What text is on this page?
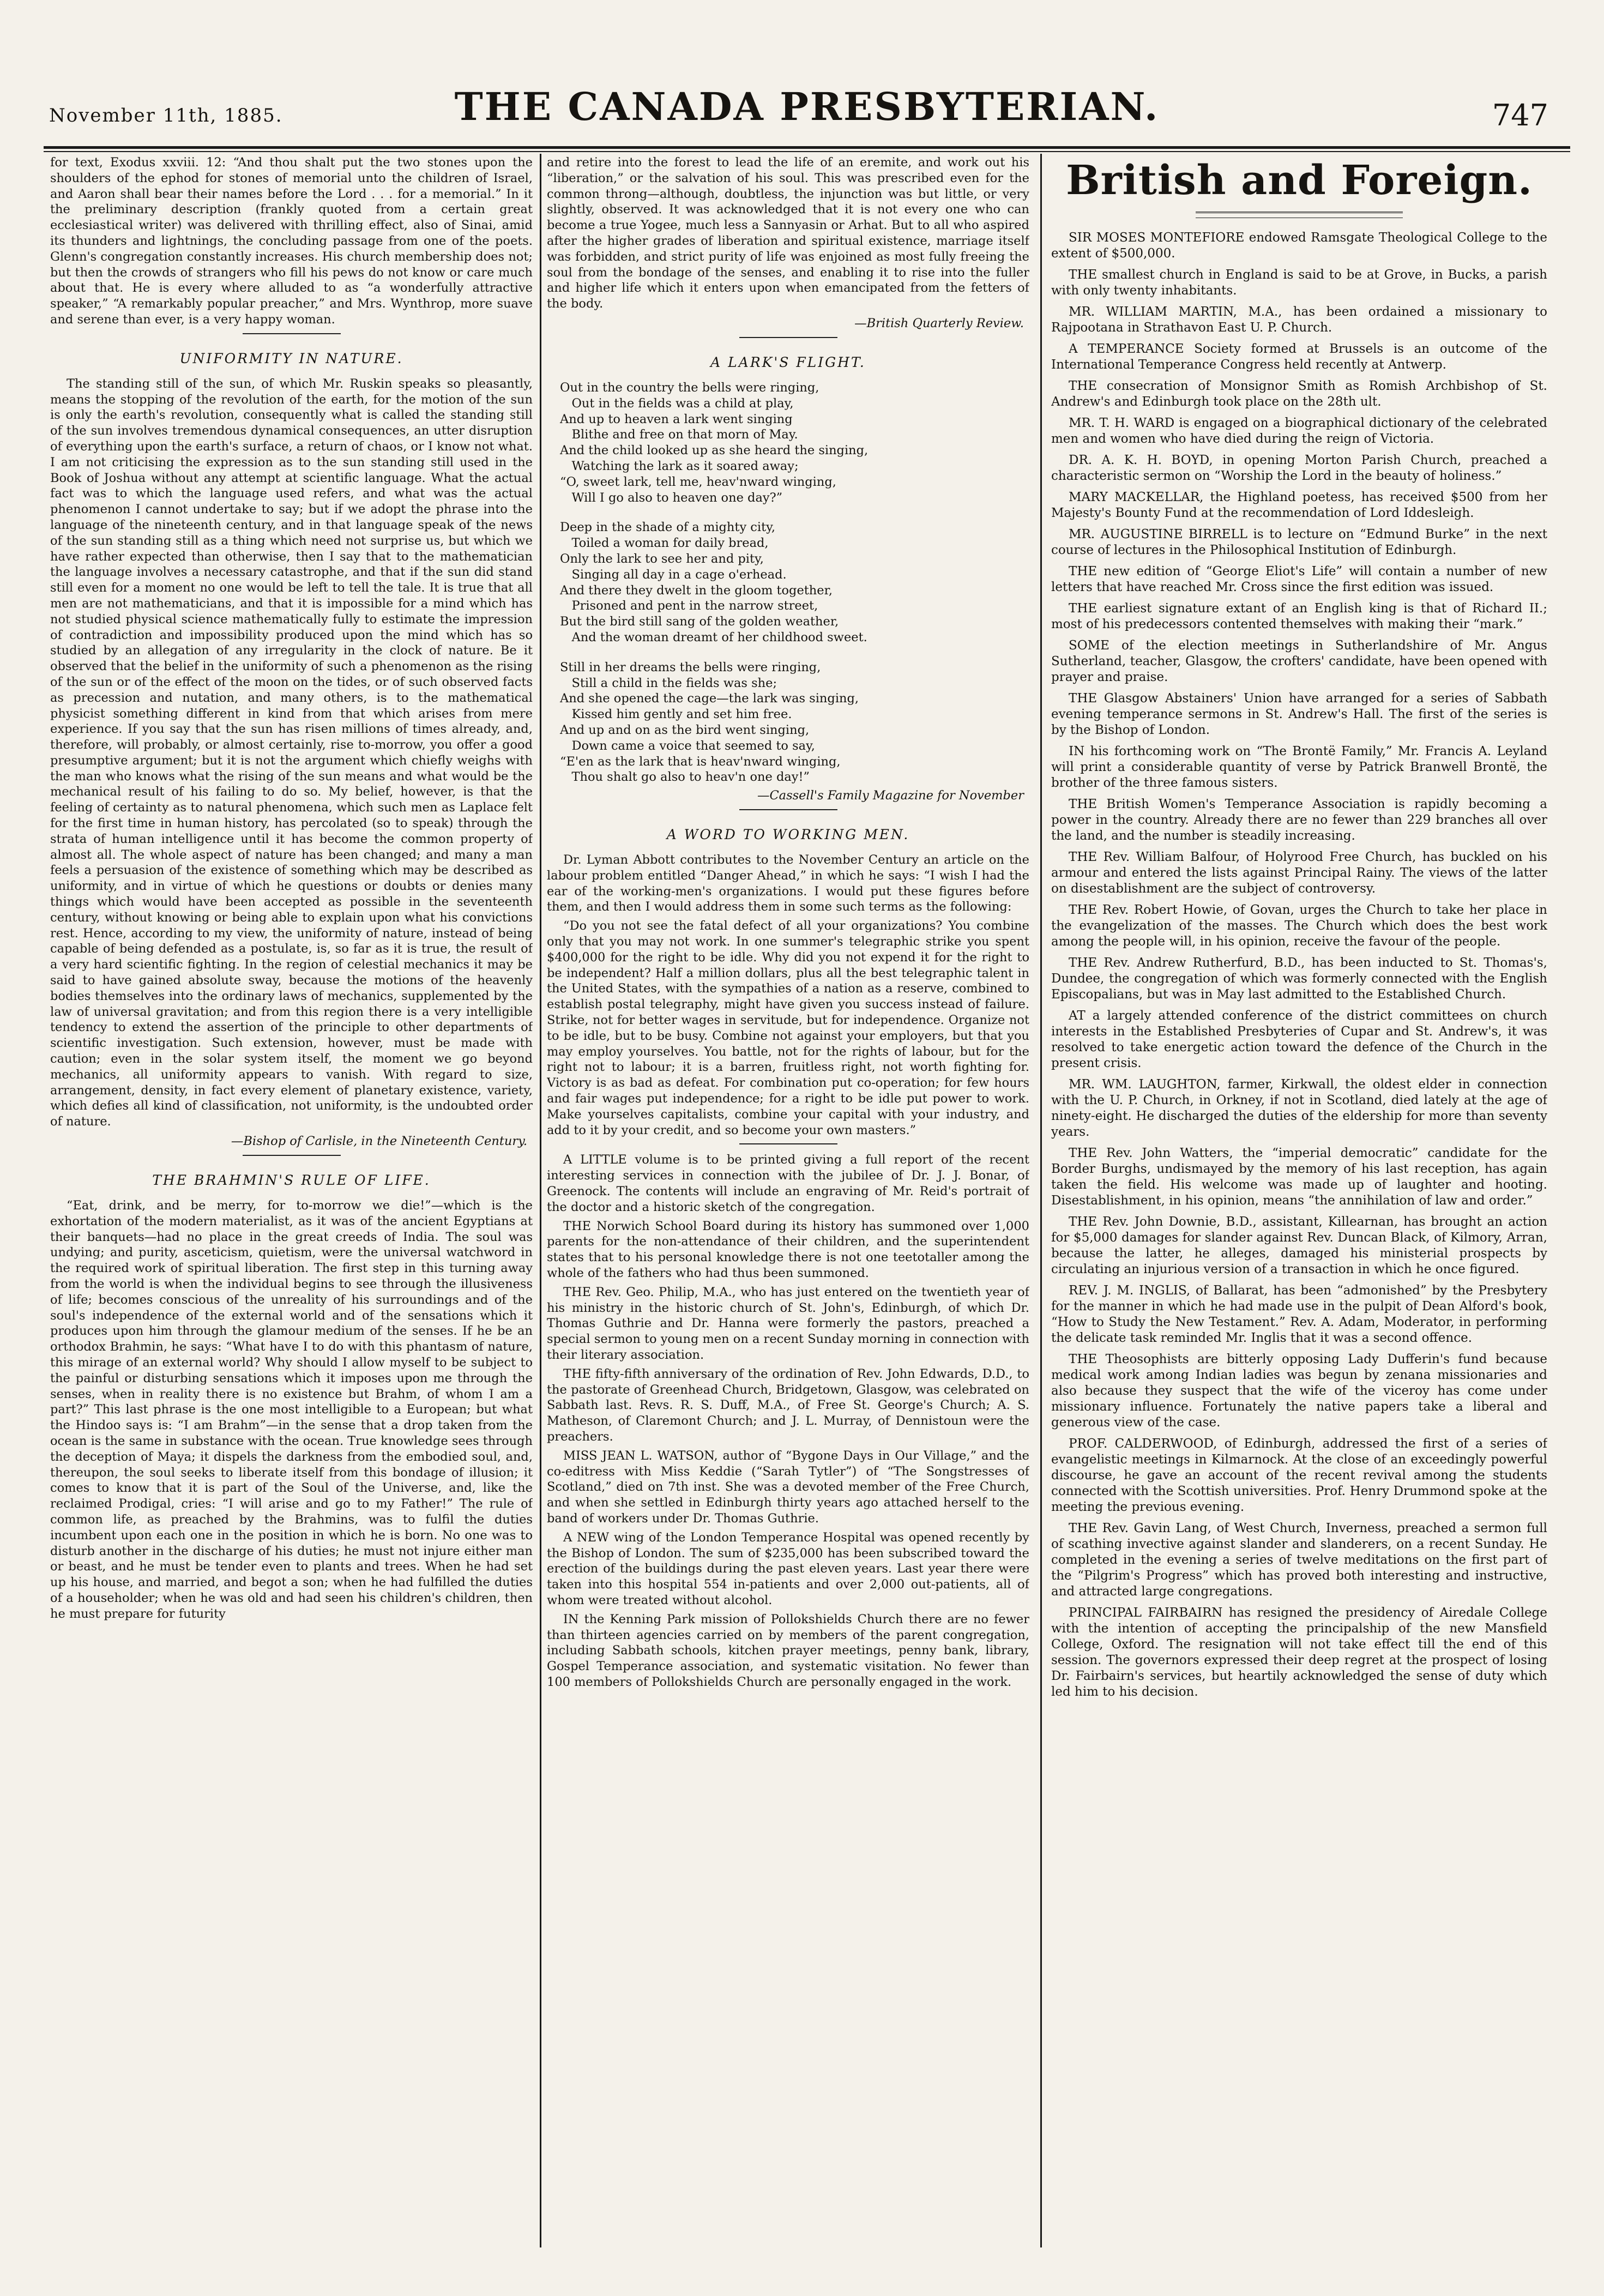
November 11th, 1885.	THE CANADA PRESBYTERIAN.	747

for text, Exodus xxviii. 12: “And thou shalt put the two stones upon the shoulders of the ephod for stones of memorial unto the children of Israel, and Aaron shall bear their names before the Lord . . . for a memorial.” In it the preliminary description (frankly quoted from a certain great ecclesiastical writer) was delivered with thrilling effect, also of Sinai, amid its thunders and lightnings, the concluding passage from one of the poets. Glenn's congregation constantly increases. His church membership does not; but then the crowds of strangers who fill his pews do not know or care much about that. He is every where alluded to as “a wonderfully attractive speaker,” “A remarkably popular preacher,” and Mrs. Wynthrop, more suave and serene than ever, is a very happy woman.

UNIFORMITY IN NATURE.

The standing still of the sun, of which Mr. Ruskin speaks so pleasantly, means the stopping of the revolution of the earth, for the motion of the sun is only the earth's revolution, consequently what is called the standing still of the sun involves tremendous dynamical consequences, an utter disruption of everything upon the earth's surface, a return of chaos, or I know not what. I am not criticising the expression as to the sun standing still used in the Book of Joshua without any attempt at scientific language. What the actual fact was to which the language used refers, and what was the actual phenomenon I cannot undertake to say; but if we adopt the phrase into the language of the nineteenth century, and in that language speak of the news of the sun standing still as a thing which need not surprise us, but which we have rather expected than otherwise, then I say that to the mathematician the language involves a necessary catastrophe, and that if the sun did stand still even for a moment no one would be left to tell the tale. It is true that all men are not mathematicians, and that it is impossible for a mind which has not studied physical science mathematically fully to estimate the impression of contradiction and impossibility produced upon the mind which has so studied by an allegation of any irregularity in the clock of nature. Be it observed that the belief in the uniformity of such a phenomenon as the rising of the sun or of the effect of the moon on the tides, or of such observed facts as precession and nutation, and many others, is to the mathematical physicist something different in kind from that which arises from mere experience. If you say that the sun has risen millions of times already, and, therefore, will probably, or almost certainly, rise to-morrow, you offer a good presumptive argument; but it is not the argument which chiefly weighs with the man who knows what the rising of the sun means and what would be the mechanical result of his failing to do so. My belief, however, is that the feeling of certainty as to natural phenomena, which such men as Laplace felt for the first time in human history, has percolated (so to speak) through the strata of human intelligence until it has become the common property of almost all. The whole aspect of nature has been changed; and many a man feels a persuasion of the existence of something which may be described as uniformity, and in virtue of which he questions or doubts or denies many things which would have been accepted as possible in the seventeenth century, without knowing or being able to explain upon what his convictions rest. Hence, according to my view, the uniformity of nature, instead of being capable of being defended as a postulate, is, so far as it is true, the result of a very hard scientific fighting. In the region of celestial mechanics it may be said to have gained absolute sway, because the motions of the heavenly bodies themselves into the ordinary laws of mechanics, supplemented by the law of universal gravitation; and from this region there is a very intelligible tendency to extend the assertion of the principle to other departments of scientific investigation. Such extension, however, must be made with caution; even in the solar system itself, the moment we go beyond mechanics, all uniformity appears to vanish. With regard to size, arrangement, density, in fact every element of planetary existence, variety, which defies all kind of classification, not uniformity, is the undoubted order of nature.

—Bishop of Carlisle, in the Nineteenth Century.
THE BRAHMIN'S RULE OF LIFE.

“Eat, drink, and be merry, for to-morrow we die!”—which is the exhortation of the modern materialist, as it was of the ancient Egyptians at their banquets—had no place in the great creeds of India. The soul was undying; and purity, asceticism, quietism, were the universal watchword in the required work of spiritual liberation. The first step in this turning away from the world is when the individual begins to see through the illusiveness of life; becomes conscious of the unreality of his surroundings and of the soul's independence of the external world and of the sensations which it produces upon him through the glamour medium of the senses. If he be an orthodox Brahmin, he says: “What have I to do with this phantasm of nature, this mirage of an external world? Why should I allow myself to be subject to the painful or disturbing sensations which it imposes upon me through the senses, when in reality there is no existence but Brahm, of whom I am a part?” This last phrase is the one most intelligible to a European; but what the Hindoo says is: “I am Brahm”—in the sense that a drop taken from the ocean is the same in substance with the ocean. True knowledge sees through the deception of Maya; it dispels the darkness from the embodied soul, and, thereupon, the soul seeks to liberate itself from this bondage of illusion; it comes to know that it is part of the Soul of the Universe, and, like the reclaimed Prodigal, cries: “I will arise and go to my Father!” The rule of common life, as preached by the Brahmins, was to fulfil the duties incumbent upon each one in the position in which he is born. No one was to disturb another in the discharge of his duties; he must not injure either man or beast, and he must be tender even to plants and trees. When he had set up his house, and married, and begot a son; when he had fulfilled the duties of a householder; when he was old and had seen his children's children, then he must prepare for futurity

and retire into the forest to lead the life of an eremite, and work out his “liberation,” or the salvation of his soul. This was prescribed even for the common throng—although, doubtless, the injunction was but little, or very slightly, observed. It was acknowledged that it is not every one who can become a true Yogee, much less a Sannyasin or Arhat. But to all who aspired after the higher grades of liberation and spiritual existence, marriage itself was forbidden, and strict purity of life was enjoined as most fully freeing the soul from the bondage of the senses, and enabling it to rise into the fuller and higher life which it enters upon when emancipated from the fetters of the body.

—British Quarterly Review.
A LARK'S FLIGHT.
Out in the country the bells were ringing,
Out in the fields was a child at play,
And up to heaven a lark went singing
Blithe and free on that morn of May.
And the child looked up as she heard the singing,
Watching the lark as it soared away;
“O, sweet lark, tell me, heav'nward winging,
Will I go also to heaven one day?”
Deep in the shade of a mighty city,
Toiled a woman for daily bread,
Only the lark to see her and pity,
Singing all day in a cage o'erhead.
And there they dwelt in the gloom together,
Prisoned and pent in the narrow street,
But the bird still sang of the golden weather,
And the woman dreamt of her childhood sweet.
Still in her dreams the bells were ringing,
Still a child in the fields was she;
And she opened the cage—the lark was singing,
Kissed him gently and set him free.
And up and on as the bird went singing,
Down came a voice that seemed to say,
“E'en as the lark that is heav'nward winging,
Thou shalt go also to heav'n one day!”
—Cassell's Family Magazine for November
A WORD TO WORKING MEN.

Dr. Lyman Abbott contributes to the November Century an article on the labour problem entitled “Danger Ahead,” in which he says: “I wish I had the ear of the working-men's organizations. I would put these figures before them, and then I would address them in some such terms as the following:

“Do you not see the fatal defect of all your organizations? You combine only that you may not work. In one summer's telegraphic strike you spent $400,000 for the right to be idle. Why did you not expend it for the right to be independent? Half a million dollars, plus all the best telegraphic talent in the United States, with the sympathies of a nation as a reserve, combined to establish postal telegraphy, might have given you success instead of failure. Strike, not for better wages in servitude, but for independence. Organize not to be idle, but to be busy. Combine not against your employers, but that you may employ yourselves. You battle, not for the rights of labour, but for the right not to labour; it is a barren, fruitless right, not worth fighting for. Victory is as bad as defeat. For combination put co-operation; for few hours and fair wages put independence; for a right to be idle put power to work. Make yourselves capitalists, combine your capital with your industry, and add to it by your credit, and so become your own masters.”

A LITTLE volume is to be printed giving a full report of the recent interesting services in connection with the jubilee of Dr. J. J. Bonar, of Greenock. The contents will include an engraving of Mr. Reid's portrait of the doctor and a historic sketch of the congregation.

THE Norwich School Board during its history has summoned over 1,000 parents for the non-attendance of their children, and the superintendent states that to his personal knowledge there is not one teetotaller among the whole of the fathers who had thus been summoned.

THE Rev. Geo. Philip, M.A., who has just entered on the twentieth year of his ministry in the historic church of St. John's, Edinburgh, of which Dr. Thomas Guthrie and Dr. Hanna were formerly the pastors, preached a special sermon to young men on a recent Sunday morning in connection with their literary association.

THE fifty-fifth anniversary of the ordination of Rev. John Edwards, D.D., to the pastorate of Greenhead Church, Bridgetown, Glasgow, was celebrated on Sabbath last. Revs. R. S. Duff, M.A., of Free St. George's Church; A. S. Matheson, of Claremont Church; and J. L. Murray, of Dennistoun were the preachers.

MISS JEAN L. WATSON, author of “Bygone Days in Our Village,” and the co-editress with Miss Keddie (“Sarah Tytler”) of “The Songstresses of Scotland,” died on 7th inst. She was a devoted member of the Free Church, and when she settled in Edinburgh thirty years ago attached herself to the band of workers under Dr. Thomas Guthrie.

A NEW wing of the London Temperance Hospital was opened recently by the Bishop of London. The sum of $235,000 has been subscribed toward the erection of the buildings during the past eleven years. Last year there were taken into this hospital 554 in-patients and over 2,000 out-patients, all of whom were treated without alcohol.

IN the Kenning Park mission of Pollokshields Church there are no fewer than thirteen agencies carried on by members of the parent congregation, including Sabbath schools, kitchen prayer meetings, penny bank, library, Gospel Temperance association, and systematic visitation. No fewer than 100 members of Pollokshields Church are personally engaged in the work.

British and Foreign.

SIR MOSES MONTEFIORE endowed Ramsgate Theological College to the extent of $500,000.

THE smallest church in England is said to be at Grove, in Bucks, a parish with only twenty inhabitants.

MR. WILLIAM MARTIN, M.A., has been ordained a missionary to Rajpootana in Strathavon East U. P. Church.

A TEMPERANCE Society formed at Brussels is an outcome of the International Temperance Congress held recently at Antwerp.

THE consecration of Monsignor Smith as Romish Archbishop of St. Andrew's and Edinburgh took place on the 28th ult.

MR. T. H. WARD is engaged on a biographical dictionary of the celebrated men and women who have died during the reign of Victoria.

DR. A. K. H. BOYD, in opening Morton Parish Church, preached a characteristic sermon on “Worship the Lord in the beauty of holiness.”

MARY MACKELLAR, the Highland poetess, has received $500 from her Majesty's Bounty Fund at the recommendation of Lord Iddesleigh.

MR. AUGUSTINE BIRRELL is to lecture on “Edmund Burke” in the next course of lectures in the Philosophical Institution of Edinburgh.

THE new edition of “George Eliot's Life” will contain a number of new letters that have reached Mr. Cross since the first edition was issued.

THE earliest signature extant of an English king is that of Richard II.; most of his predecessors contented themselves with making their “mark.”

SOME of the election meetings in Sutherlandshire of Mr. Angus Sutherland, teacher, Glasgow, the crofters' candidate, have been opened with prayer and praise.

THE Glasgow Abstainers' Union have arranged for a series of Sabbath evening temperance sermons in St. Andrew's Hall. The first of the series is by the Bishop of London.

IN his forthcoming work on “The Brontë Family,” Mr. Francis A. Leyland will print a considerable quantity of verse by Patrick Branwell Brontë, the brother of the three famous sisters.

THE British Women's Temperance Association is rapidly becoming a power in the country. Already there are no fewer than 229 branches all over the land, and the number is steadily increasing.

THE Rev. William Balfour, of Holyrood Free Church, has buckled on his armour and entered the lists against Principal Rainy. The views of the latter on disestablishment are the subject of controversy.

THE Rev. Robert Howie, of Govan, urges the Church to take her place in the evangelization of the masses. The Church which does the best work among the people will, in his opinion, receive the favour of the people.

THE Rev. Andrew Rutherfurd, B.D., has been inducted to St. Thomas's, Dundee, the congregation of which was formerly connected with the English Episcopalians, but was in May last admitted to the Established Church.

AT a largely attended conference of the district committees on church interests in the Established Presbyteries of Cupar and St. Andrew's, it was resolved to take energetic action toward the defence of the Church in the present crisis.

MR. WM. LAUGHTON, farmer, Kirkwall, the oldest elder in connection with the U. P. Church, in Orkney, if not in Scotland, died lately at the age of ninety-eight. He discharged the duties of the eldership for more than seventy years.

THE Rev. John Watters, the “imperial democratic” candidate for the Border Burghs, undismayed by the memory of his last reception, has again taken the field. His welcome was made up of laughter and hooting. Disestablishment, in his opinion, means “the annihilation of law and order.”

THE Rev. John Downie, B.D., assistant, Killearnan, has brought an action for $5,000 damages for slander against Rev. Duncan Black, of Kilmory, Arran, because the latter, he alleges, damaged his ministerial prospects by circulating an injurious version of a transaction in which he once figured.

REV. J. M. INGLIS, of Ballarat, has been “admonished” by the Presbytery for the manner in which he had made use in the pulpit of Dean Alford's book, “How to Study the New Testament.” Rev. A. Adam, Moderator, in performing the delicate task reminded Mr. Inglis that it was a second offence.

THE Theosophists are bitterly opposing Lady Dufferin's fund because medical work among Indian ladies was begun by zenana missionaries and also because they suspect that the wife of the viceroy has come under missionary influence. Fortunately the native papers take a liberal and generous view of the case.

PROF. CALDERWOOD, of Edinburgh, addressed the first of a series of evangelistic meetings in Kilmarnock. At the close of an exceedingly powerful discourse, he gave an account of the recent revival among the students connected with the Scottish universities. Prof. Henry Drummond spoke at the meeting the previous evening.

THE Rev. Gavin Lang, of West Church, Inverness, preached a sermon full of scathing invective against slander and slanderers, on a recent Sunday. He completed in the evening a series of twelve meditations on the first part of the “Pilgrim's Progress” which has proved both interesting and instructive, and attracted large congregations.

PRINCIPAL FAIRBAIRN has resigned the presidency of Airedale College with the intention of accepting the principalship of the new Mansfield College, Oxford. The resignation will not take effect till the end of this session. The governors expressed their deep regret at the prospect of losing Dr. Fairbairn's services, but heartily acknowledged the sense of duty which led him to his decision.
